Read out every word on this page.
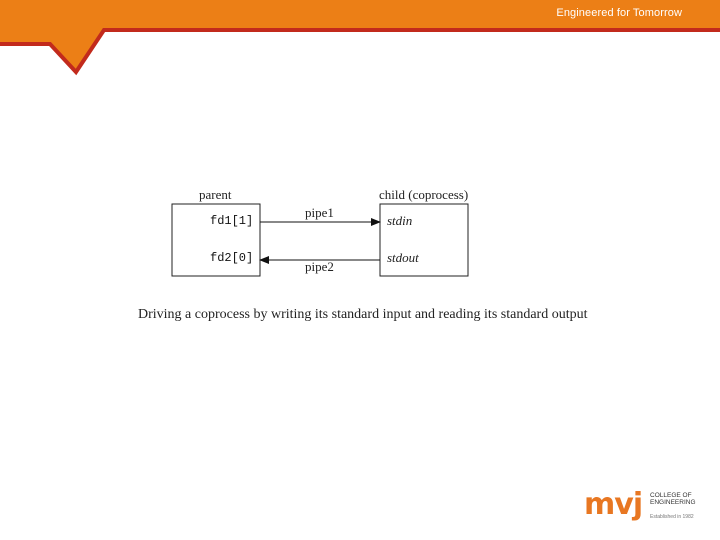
Engineered for Tomorrow
parent	child (coprocess)
fd1[1]
fd2[0]
pipe1
pipe2
stdin
stdout
Driving a coprocess by writing its standard input and reading its standard output
mvj COLLEGE OF
ENGINEERING
Established in 1982
